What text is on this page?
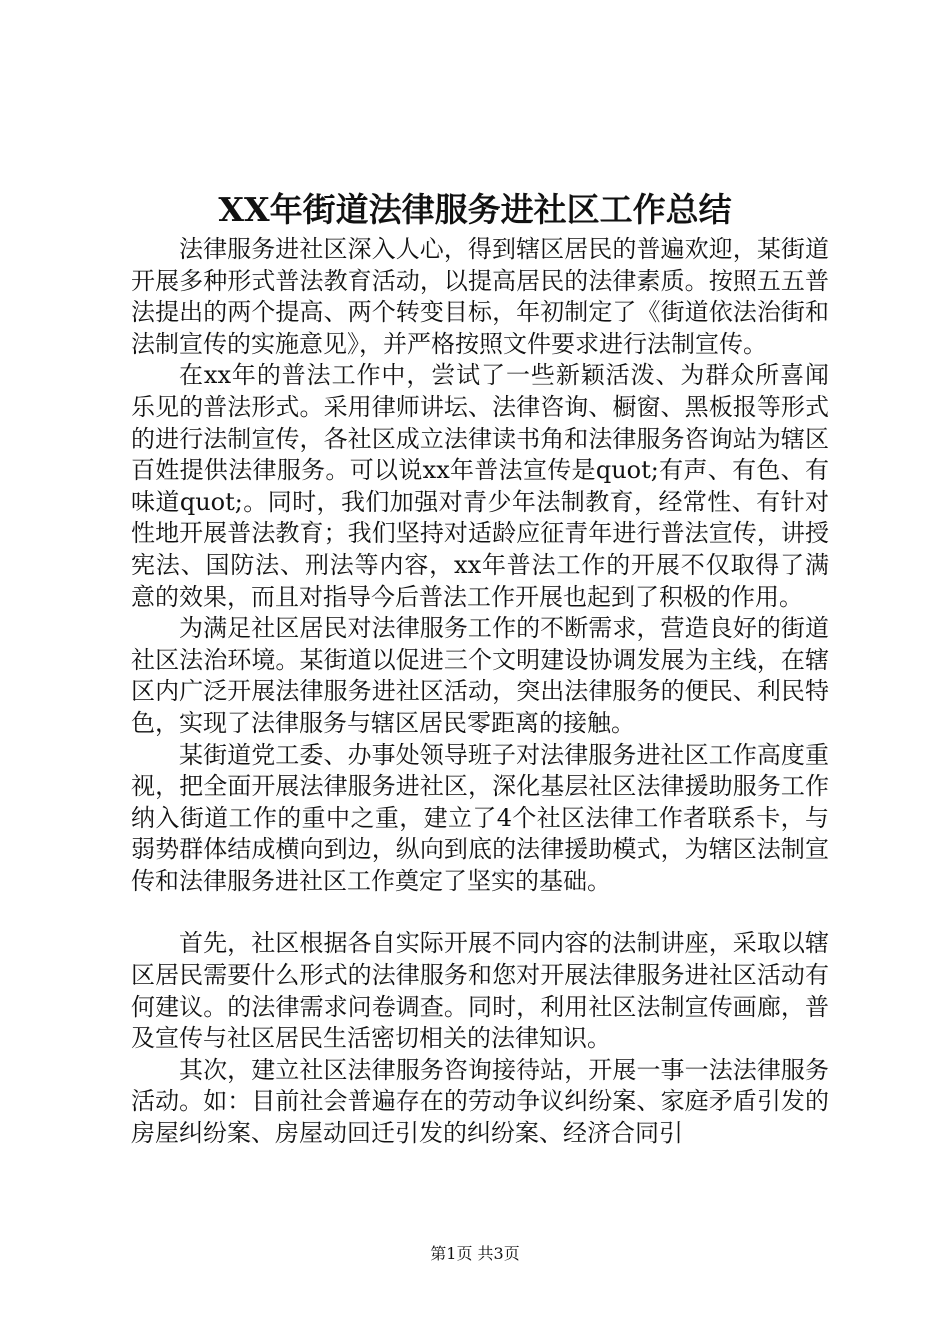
XX年街道法律服务进社区工作总结

法律服务进社区深入人心，得到辖区居民的普遍欢迎，某街道开展多种形式普法教育活动，以提高居民的法律素质。按照五五普法提出的两个提高、两个转变目标，年初制定了《街道依法治街和法制宣传的实施意见》，并严格按照文件要求进行法制宣传。

在xx年的普法工作中，尝试了一些新颖活泼、为群众所喜闻乐见的普法形式。采用律师讲坛、法律咨询、橱窗、黑板报等形式的进行法制宣传，各社区成立法律读书角和法律服务咨询站为辖区百姓提供法律服务。可以说xx年普法宣传是quot;有声、有色、有味道quot;。同时，我们加强对青少年法制教育，经常性、有针对性地开展普法教育；我们坚持对适龄应征青年进行普法宣传，讲授宪法、国防法、刑法等内容，xx年普法工作的开展不仅取得了满意的效果，而且对指导今后普法工作开展也起到了积极的作用。

为满足社区居民对法律服务工作的不断需求，营造良好的街道社区法治环境。某街道以促进三个文明建设协调发展为主线，在辖区内广泛开展法律服务进社区活动，突出法律服务的便民、利民特色，实现了法律服务与辖区居民零距离的接触。

某街道党工委、办事处领导班子对法律服务进社区工作高度重视，把全面开展法律服务进社区，深化基层社区法律援助服务工作纳入街道工作的重中之重，建立了4个社区法律工作者联系卡，与弱势群体结成横向到边，纵向到底的法律援助模式，为辖区法制宣传和法律服务进社区工作奠定了坚实的基础。

首先，社区根据各自实际开展不同内容的法制讲座，采取以辖区居民需要什么形式的法律服务和您对开展法律服务进社区活动有何建议。的法律需求问卷调查。同时，利用社区法制宣传画廊，普及宣传与社区居民生活密切相关的法律知识。

其次，建立社区法律服务咨询接待站，开展一事一法法律服务活动。如：目前社会普遍存在的劳动争议纠纷案、家庭矛盾引发的房屋纠纷案、房屋动回迁引发的纠纷案、经济合同引

第1页 共3页
